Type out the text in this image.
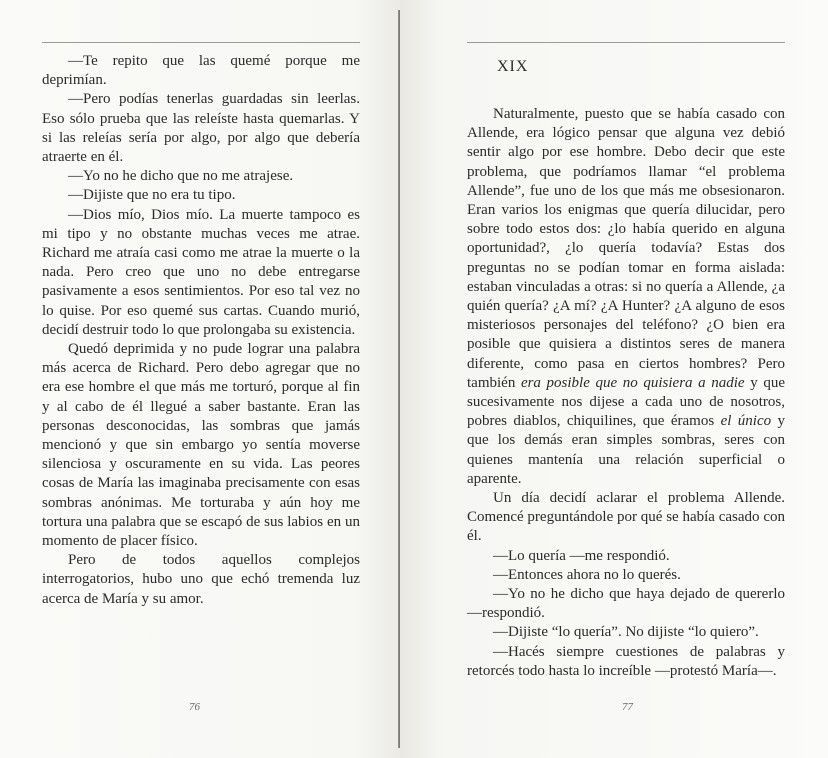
—Te repito que las quemé porque me deprimían.

—Pero podías tenerlas guardadas sin leerlas. Eso sólo prueba que las releíste hasta quemarlas. Y si las releías sería por algo, por algo que debería atraerte en él.

—Yo no he dicho que no me atrajese.

—Dijiste que no era tu tipo.

—Dios mío, Dios mío. La muerte tampoco es mi tipo y no obstante muchas veces me atrae. Richard me atraía casi como me atrae la muerte o la nada. Pero creo que uno no debe entregarse pasivamente a esos sentimientos. Por eso tal vez no lo quise. Por eso quemé sus cartas. Cuando murió, decidí destruir todo lo que prolongaba su existencia.

Quedó deprimida y no pude lograr una palabra más acerca de Richard. Pero debo agregar que no era ese hombre el que más me torturó, porque al fin y al cabo de él llegué a saber bastante. Eran las personas desconocidas, las sombras que jamás mencionó y que sin embargo yo sentía moverse silenciosa y oscuramente en su vida. Las peores cosas de María las imaginaba precisamente con esas sombras anónimas. Me torturaba y aún hoy me tortura una palabra que se escapó de sus labios en un momento de placer físico.

Pero de todos aquellos complejos interrogatorios, hubo uno que echó tremenda luz acerca de María y su amor.

76
XIX

Naturalmente, puesto que se había casado con Allende, era lógico pensar que alguna vez debió sentir algo por ese hombre. Debo decir que este problema, que podríamos llamar “el problema Allende”, fue uno de los que más me obsesionaron. Eran varios los enigmas que quería dilucidar, pero sobre todo estos dos: ¿lo había querido en alguna oportunidad?, ¿lo quería todavía? Estas dos preguntas no se podían tomar en forma aislada: estaban vinculadas a otras: si no quería a Allende, ¿a quién quería? ¿A mí? ¿A Hunter? ¿A alguno de esos misteriosos personajes del teléfono? ¿O bien era posible que quisiera a distintos seres de manera diferente, como pasa en ciertos hombres? Pero también era posible que no quisiera a nadie y que sucesivamente nos dijese a cada uno de nosotros, pobres diablos, chiquilines, que éramos el único y que los demás eran simples sombras, seres con quienes mantenía una relación superficial o aparente.

Un día decidí aclarar el problema Allende. Comencé preguntándole por qué se había casado con él.

—Lo quería —me respondió.

—Entonces ahora no lo querés.

—Yo no he dicho que haya dejado de quererlo —respondió.

—Dijiste “lo quería”. No dijiste “lo quiero”.

—Hacés siempre cuestiones de palabras y retorcés todo hasta lo increíble —protestó María—.

77
